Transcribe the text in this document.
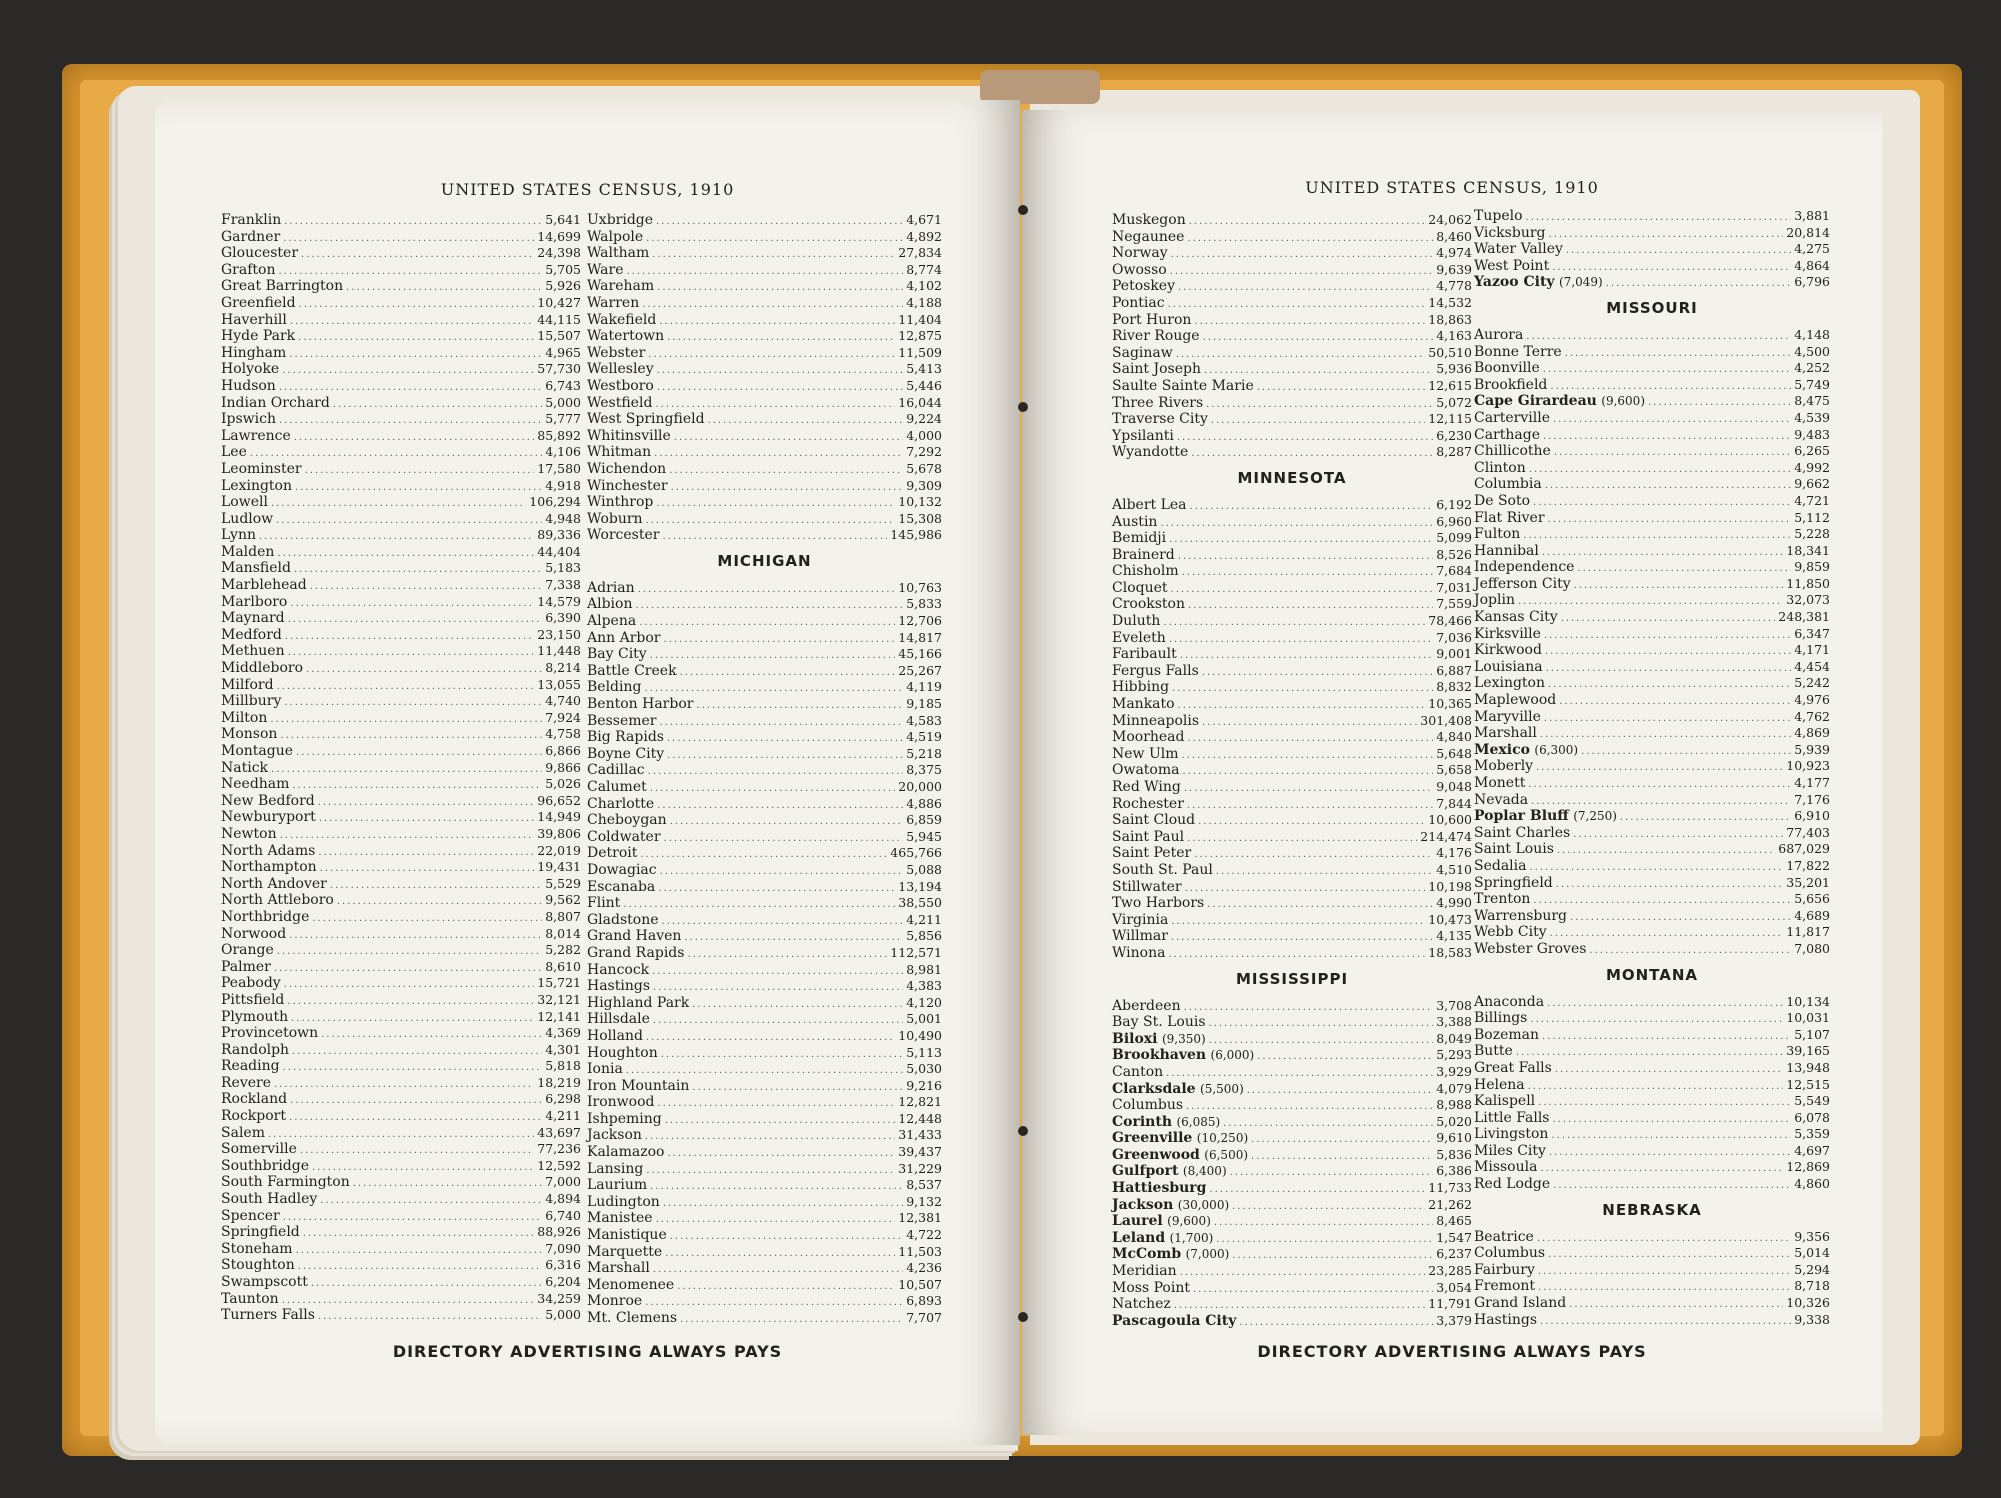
UNITED STATES CENSUS, 1910
Franklin .....	5,641
Gardner .....	14,699
Gloucester .....	24,398
Grafton .....	5,705
Great Barrington .....	5,926
Greenfield .....	10,427
Haverhill .....	44,115
Hyde Park .....	15,507
Hingham .....	4,965
Holyoke .....	57,730
Hudson .....	6,743
Indian Orchard .....	5,000
Ipswich .....	5,777
Lawrence .....	85,892
Lee .....	4,106
Leominster .....	17,580
Lexington .....	4,918
Lowell .....	106,294
Ludlow .....	4,948
Lynn .....	89,336
Malden .....	44,404
Mansfield .....	5,183
Marblehead .....	7,338
Marlboro .....	14,579
Maynard .....	6,390
Medford .....	23,150
Methuen .....	11,448
Middleboro .....	8,214
Milford .....	13,055
Millbury .....	4,740
Milton .....	7,924
Monson .....	4,758
Montague .....	6,866
Natick .....	9,866
Needham .....	5,026
New Bedford .....	96,652
Newburyport .....	14,949
Newton .....	39,806
North Adams .....	22,019
Northampton .....	19,431
North Andover .....	5,529
North Attleboro .....	9,562
Northbridge .....	8,807
Norwood .....	8,014
Orange .....	5,282
Palmer .....	8,610
Peabody .....	15,721
Pittsfield .....	32,121
Plymouth .....	12,141
Provincetown .....	4,369
Randolph .....	4,301
Reading .....	5,818
Revere .....	18,219
Rockland .....	6,298
Rockport .....	4,211
Salem .....	43,697
Somerville .....	77,236
Southbridge .....	12,592
South Farmington .....	7,000
South Hadley .....	4,894
Spencer .....	6,740
Springfield .....	88,926
Stoneham .....	7,090
Stoughton .....	6,316
Swampscott .....	6,204
Taunton .....	34,259
Turners Falls .....	5,000
Uxbridge .....	4,671
Walpole .....	4,892
Waltham .....	27,834
Ware .....	8,774
Wareham .....	4,102
Warren .....	4,188
Wakefield .....	11,404
Watertown .....	12,875
Webster .....	11,509
Wellesley .....	5,413
Westboro .....	5,446
Westfield .....	16,044
West Springfield .....	9,224
Whitinsville .....	4,000
Whitman .....	7,292
Wichendon .....	5,678
Winchester .....	9,309
Winthrop .....	10,132
Woburn .....	15,308
Worcester .....	145,986
MICHIGAN
Adrian .....	10,763
Albion .....	5,833
Alpena .....	12,706
Ann Arbor .....	14,817
Bay City .....	45,166
Battle Creek .....	25,267
Belding .....	4,119
Benton Harbor .....	9,185
Bessemer .....	4,583
Big Rapids .....	4,519
Boyne City .....	5,218
Cadillac .....	8,375
Calumet .....	20,000
Charlotte .....	4,886
Cheboygan .....	6,859
Coldwater .....	5,945
Detroit .....	465,766
Dowagiac .....	5,088
Escanaba .....	13,194
Flint .....	38,550
Gladstone .....	4,211
Grand Haven .....	5,856
Grand Rapids .....	112,571
Hancock .....	8,981
Hastings .....	4,383
Highland Park .....	4,120
Hillsdale .....	5,001
Holland .....	10,490
Houghton .....	5,113
Ionia .....	5,030
Iron Mountain .....	9,216
Ironwood .....	12,821
Ishpeming .....	12,448
Jackson .....	31,433
Kalamazoo .....	39,437
Lansing .....	31,229
Laurium .....	8,537
Ludington .....	9,132
Manistee .....	12,381
Manistique .....	4,722
Marquette .....	11,503
Marshall .....	4,236
Menomenee .....	10,507
Monroe .....	6,893
Mt. Clemens .....	7,707
DIRECTORY ADVERTISING ALWAYS PAYS
UNITED STATES CENSUS, 1910
Muskegon .....	24,062
Negaunee .....	8,460
Norway .....	4,974
Owosso .....	9,639
Petoskey .....	4,778
Pontiac .....	14,532
Port Huron .....	18,863
River Rouge .....	4,163
Saginaw .....	50,510
Saint Joseph .....	5,936
Saulte Sainte Marie .....	12,615
Three Rivers .....	5,072
Traverse City .....	12,115
Ypsilanti .....	6,230
Wyandotte .....	8,287
MINNESOTA
Albert Lea .....	6,192
Austin .....	6,960
Bemidji .....	5,099
Brainerd .....	8,526
Chisholm .....	7,684
Cloquet .....	7,031
Crookston .....	7,559
Duluth .....	78,466
Eveleth .....	7,036
Faribault .....	9,001
Fergus Falls .....	6,887
Hibbing .....	8,832
Mankato .....	10,365
Minneapolis .....	301,408
Moorhead .....	4,840
New Ulm .....	5,648
Owatoma .....	5,658
Red Wing .....	9,048
Rochester .....	7,844
Saint Cloud .....	10,600
Saint Paul .....	214,474
Saint Peter .....	4,176
South St. Paul .....	4,510
Stillwater .....	10,198
Two Harbors .....	4,990
Virginia .....	10,473
Willmar .....	4,135
Winona .....	18,583
MISSISSIPPI
Aberdeen .....	3,708
Bay St. Louis .....	3,388
Biloxi (9,350) .....	8,049
Brookhaven (6,000) .....	5,293
Canton .....	3,929
Clarksdale (5,500) .....	4,079
Columbus .....	8,988
Corinth (6,085) .....	5,020
Greenville (10,250) .....	9,610
Greenwood (6,500) .....	5,836
Gulfport (8,400) .....	6,386
Hattiesburg .....	11,733
Jackson (30,000) .....	21,262
Laurel (9,600) .....	8,465
Leland (1,700) .....	1,547
McComb (7,000) .....	6,237
Meridian .....	23,285
Moss Point .....	3,054
Natchez .....	11,791
Pascagoula City .....	3,379
Tupelo .....	3,881
Vicksburg .....	20,814
Water Valley .....	4,275
West Point .....	4,864
Yazoo City (7,049) .....	6,796
MISSOURI
Aurora .....	4,148
Bonne Terre .....	4,500
Boonville .....	4,252
Brookfield .....	5,749
Cape Girardeau (9,600) .....	8,475
Carterville .....	4,539
Carthage .....	9,483
Chillicothe .....	6,265
Clinton .....	4,992
Columbia .....	9,662
De Soto .....	4,721
Flat River .....	5,112
Fulton .....	5,228
Hannibal .....	18,341
Independence .....	9,859
Jefferson City .....	11,850
Joplin .....	32,073
Kansas City .....	248,381
Kirksville .....	6,347
Kirkwood .....	4,171
Louisiana .....	4,454
Lexington .....	5,242
Maplewood .....	4,976
Maryville .....	4,762
Marshall .....	4,869
Mexico (6,300) .....	5,939
Moberly .....	10,923
Monett .....	4,177
Nevada .....	7,176
Poplar Bluff (7,250) .....	6,910
Saint Charles .....	77,403
Saint Louis .....	687,029
Sedalia .....	17,822
Springfield .....	35,201
Trenton .....	5,656
Warrensburg .....	4,689
Webb City .....	11,817
Webster Groves .....	7,080
MONTANA
Anaconda .....	10,134
Billings .....	10,031
Bozeman .....	5,107
Butte .....	39,165
Great Falls .....	13,948
Helena .....	12,515
Kalispell .....	5,549
Little Falls .....	6,078
Livingston .....	5,359
Miles City .....	4,697
Missoula .....	12,869
Red Lodge .....	4,860
NEBRASKA
Beatrice .....	9,356
Columbus .....	5,014
Fairbury .....	5,294
Fremont .....	8,718
Grand Island .....	10,326
Hastings .....	9,338
DIRECTORY ADVERTISING ALWAYS PAYS
